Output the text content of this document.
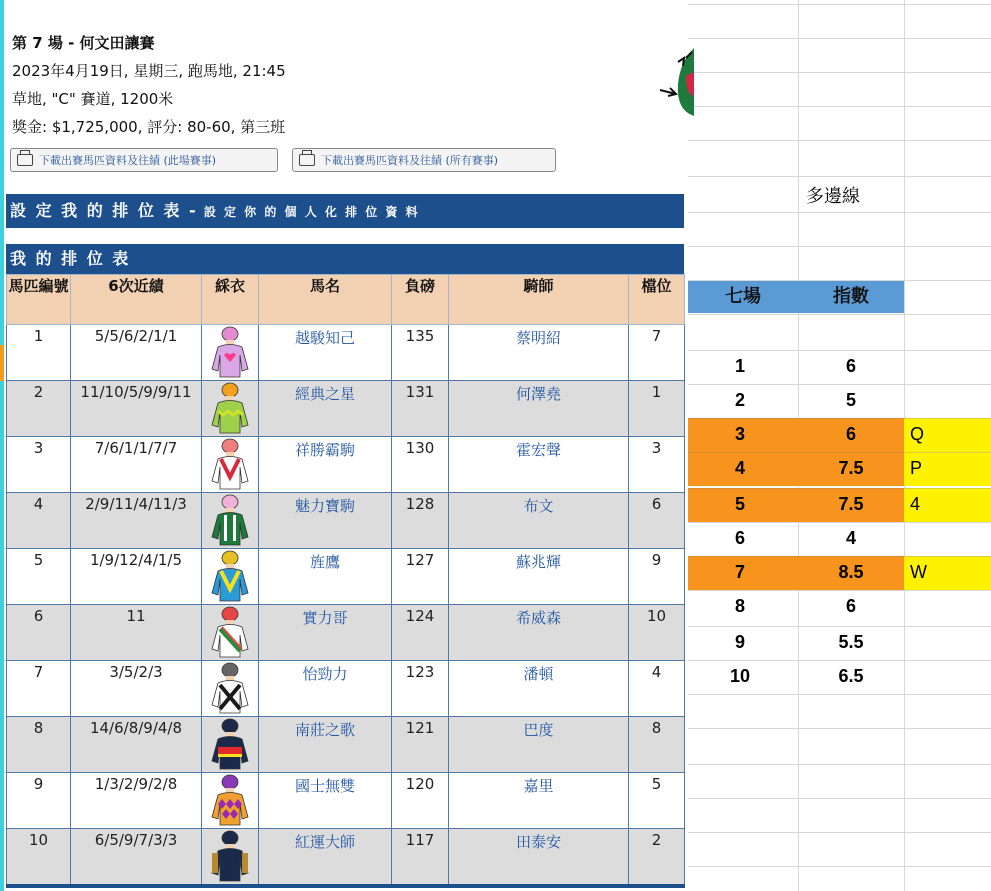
第 7 場 - 何文田讓賽
2023年4月19日, 星期三, 跑馬地, 21:45
草地, "C" 賽道, 1200米
獎金: $1,725,000, 評分: 80-60, 第三班
下載出賽馬匹資料及往績 (此場賽事)	下載出賽馬匹資料及往績 (所有賽事)
設 定 我 的 排 位 表 - 設 定 你 的 個 人 化 排 位 資 料
我 的 排 位 表
馬匹編號	6次近績	綵衣	馬名	負磅	騎師	檔位
1	5/5/6/2/1/1		越駿知己	135	蔡明紹	7
2	11/10/5/9/9/11		經典之星	131	何澤堯	1
3	7/6/1/1/7/7		祥勝霸駒	130	霍宏聲	3
4	2/9/11/4/11/3		魅力寶駒	128	布文	6
5	1/9/12/4/1/5		旌鷹	127	蘇兆輝	9
6	11		實力哥	124	希威森	10
7	3/5/2/3		怡勁力	123	潘頓	4
8	14/6/8/9/4/8		南莊之歌	121	巴度	8
9	1/3/2/9/2/8		國士無雙	120	嘉里	5
10	6/5/9/7/3/3		紅運大師	117	田泰安	2
多邊線
七場	指數
1	6
2	5
3	6	Q
4	7.5	P
5	7.5	4
6	4
7	8.5	W
8	6
9	5.5
10	6.5
